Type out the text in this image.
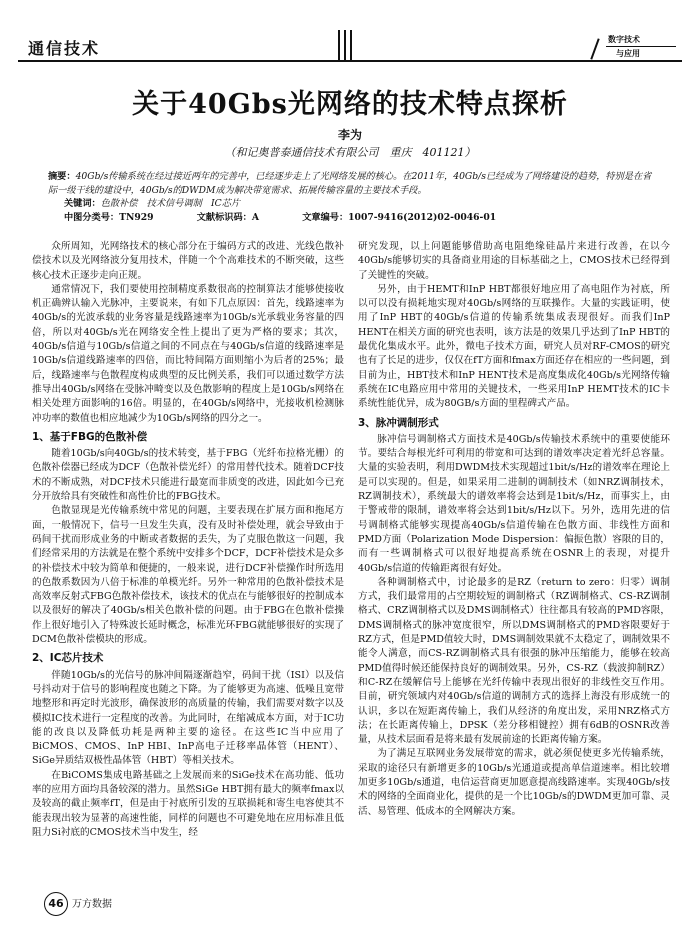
通信技术	数字技术
与应用
关于40Gbs光网络的技术特点探析
李为
（和记奥普泰通信技术有限公司　重庆　401121）
摘要：40Gb/s传输系统在经过接近两年的完善中，已经逐步走上了光网络发展的核心。在2011年，40Gb/s已经成为了网络建设的趋势，特别是在省际一级干线的建设中，40Gb/s的DWDM成为解决带宽需求、拓展传输容量的主要技术手段。
关键词：色散补偿　技术信号调制　IC芯片
中图分类号：TN929	文献标识码：A	文章编号：1007-9416(2012)02-0046-01

众所周知，光网络技术的核心部分在于编码方式的改进、光线色散补偿技术以及光网络波分复用技术，伴随一个个高难技术的不断突破，这些核心技术正逐步走向正规。

通常情况下，我们要使用控制精度系数很高的控制算法才能够使接收机正确辨认输入光脉冲，主要说来，有如下几点原因：首先，线路速率为40Gb/s的光波承载的业务容量是线路速率为10Gb/s光承载业务容量的四倍，所以对40Gb/s光在网络安全性上提出了更为严格的要求；其次，40Gb/s信道与10Gb/s信道之间的不同点在与40Gb/s信道的线路速率是10Gb/s信道线路速率的四倍，而比特间隔方面则缩小为后者的25%；最后，线路速率与色散程度构成典型的反比例关系，我们可以通过数学方法推导出40Gb/s网络在受脉冲畸变以及色散影响的程度上是10Gb/s网络在相关处理方面影响的16倍。明显的，在40Gb/s网络中，光接收机检测脉冲功率的数值也相应地减少为10Gb/s网络的四分之一。

1、基于FBG的色散补偿

随着10Gb/s向40Gb/s的技术转变，基于FBG（光纤布拉格光栅）的色散补偿器已经成为DCF（色散补偿光纤）的常用替代技术。随着DCF技术的不断成熟，对DCF技术只能进行最宽而非质变的改进，因此如今已充分开放给具有突破性和高性价比的FBG技术。

色散显现是光传输系统中常见的问题，主要表现在扩展方面和拖尾方面，一般情况下，信号一旦发生失真，没有及时补偿处理，就会导致由于码间干扰而形成业务的中断或者数据的丢失，为了克服色散这一问题，我们经常采用的方法就是在整个系统中安排多个DCF，DCF补偿技术是众多的补偿技术中较为简单和便捷的，一般来说，进行DCF补偿操作时所选用的色散系数因为八倍于标准的单模光纤。另外一种常用的色散补偿技术是高效率反射式FBG色散补偿技术，该技术的优点在与能够很好的控制成本以及很好的解决了40Gb/s相关色散补偿的问题。由于FBG在色散补偿操作上很好地引入了特殊波长延时概念，标准光环FBG就能够很好的实现了DCM色散补偿模块的形成。

2、IC芯片技术

伴随10Gb/s的光信号的脉冲间隔逐渐趋窄，码间干扰（ISI）以及信号抖动对于信号的影响程度也随之下降。为了能够更为高速、低噪且宽带地整形和再定时光波形，确保波形的高质量的传输，我们需要对数字以及模拟IC技术进行一定程度的改善。为此同时，在缩减成本方面，对于IC功能的改良以及降低功耗是两种主要的途径。在这些IC当中应用了BiCMOS、CMOS、InP HBI、InP高电子迁移率晶体管（HENT）、SiGe异质结双极性晶体管（HBT）等相关技术。

在BiCOMS集成电路基础之上发展而来的SiGe技术在高功能、低功率的应用方面均具备较深的潜力。虽然SiGe HBT拥有最大的频率fmax以及较高的截止频率fT，但是由于衬底所引发的互联损耗和寄生电容使其不能表现出较为显著的高速性能，同样的问题也不可避免地在应用标准且低阻力Si衬底的CMOS技术当中发生，经

研究发现，以上问题能够借助高电阻绝缘硅晶片来进行改善，在以今40Gb/s能够切实的具备商业用途的目标基础之上，CMOS技术已经得到了关键性的突破。

另外，由于HEMT和InP HBT都很好地应用了高电阻作为衬底，所以可以没有损耗地实现对40Gb/s网络的互联操作。大量的实践证明，使用了InP HBT的40Gb/s信道的传输系统集成表现很好。而我们InP HENT在相关方面的研究也表明，该方法是的效果几乎达到了InP HBT的最优化集成水平。此外，微电子技术方面，研究人员对RF-CMOS的研究也有了长足的进步，仅仅在fT方面和fmax方面还存在相应的一些问题，到目前为止，HBT技术和InP HENT技术是高度集成化40Gb/s光网络传输系统在IC电路应用中常用的关键技术，一些采用InP HEMT技术的IC卡系统性能优异，成为80GB/s方面的里程碑式产品。

3、脉冲调制形式

脉冲信号调制格式方面技术是40Gb/s传输技术系统中的重要使能环节。要结合每根光纤可利用的带宽和可达到的谱效率决定着光纤总容量。大量的实验表明，利用DWDM技术实现超过1bit/s/Hz的谱效率在理论上是可以实现的。但是，如果采用二进制的调制技术（如NRZ调制技术，RZ调制技术），系统最大的谱效率将会达到是1bit/s/Hz，而事实上，由于警戒带的限制，谱效率将会达到1bit/s/Hz以下。另外，选用先进的信号调制格式能够实现提高40Gb/s信道传输在色散方面、非线性方面和PMD方面（Polarization Mode Dispersion：偏振色散）容限的目的，而有一些调制格式可以很好地提高系统在OSNR上的表现，对提升40Gb/s信道的传输距离很有好处。

各种调制格式中，讨论最多的是RZ（return to zero：归零）调制方式，我们最常用的占空期较短的调制格式（RZ调制格式、CS-RZ调制格式、CRZ调制格式以及DMS调制格式）往往都具有较高的PMD容限，DMS调制格式的脉冲宽度很窄，所以DMS调制格式的PMD容限要好于RZ方式，但是PMD值较大时，DMS调制效果就不太稳定了，调制效果不能令人满意，而CS-RZ调制格式具有很强的脉冲压缩能力，能够在较高PMD值得时候还能保持良好的调制效果。另外，CS-RZ（载波抑制RZ）和C-RZ在缓解信号上能够在光纤传输中表现出很好的非线性交互作用。目前，研究领域内对40Gb/s信道的调制方式的选择上海没有形成统一的认识，多以在短距离传输上，我们从经济的角度出发，采用NRZ格式方法；在长距离传输上，DPSK（差分移相键控）拥有6dB的OSNR改善量，从技术层面看是将来最有发展前途的长距离传输方案。

为了满足互联网业务发展带宽的需求，就必须促使更多光传输系统，采取的途径只有新增更多的10Gb/s光通道或提高单信道速率。相比较增加更多10Gb/s通道，电信运营商更加愿意提高线路速率。实现40Gb/s技术的网络的全面商业化，提供的是一个比10Gb/s的DWDM更加可靠、灵活、易管理、低成本的全网解决方案。

46 万方数据
